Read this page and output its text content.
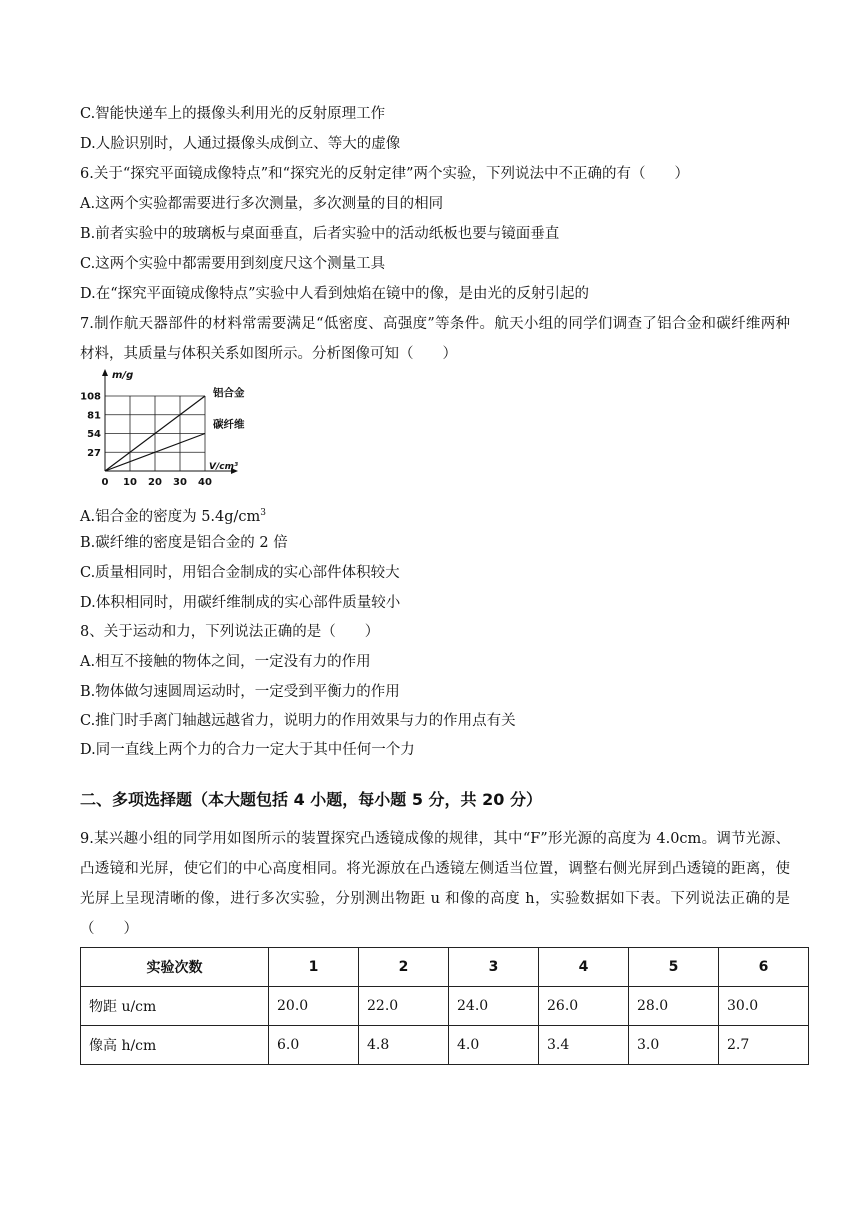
C.智能快递车上的摄像头利用光的反射原理工作
D.人脸识别时，人通过摄像头成倒立、等大的虚像
6.关于“探究平面镜成像特点”和“探究光的反射定律”两个实验，下列说法中不正确的有（　　）
A.这两个实验都需要进行多次测量，多次测量的目的相同
B.前者实验中的玻璃板与桌面垂直，后者实验中的活动纸板也要与镜面垂直
C.这两个实验中都需要用到刻度尺这个测量工具
D.在“探究平面镜成像特点”实验中人看到烛焰在镜中的像，是由光的反射引起的
7.制作航天器部件的材料常需要满足“低密度、高强度”等条件。航天小组的同学们调查了铝合金和碳纤维两种材料，其质量与体积关系如图所示。分析图像可知（　　）
27
54
81
108
0 10 20 30 40
m/g
V/cm³
铝合金
碳纤维
A.铝合金的密度为 $5.4g/cm^3$
B.碳纤维的密度是铝合金的 2 倍
C.质量相同时，用铝合金制成的实心部件体积较大
D.体积相同时，用碳纤维制成的实心部件质量较小
8、关于运动和力，下列说法正确的是（　　）
A.相互不接触的物体之间，一定没有力的作用
B.物体做匀速圆周运动时，一定受到平衡力的作用
C.推门时手离门轴越远越省力，说明力的作用效果与力的作用点有关
D.同一直线上两个力的合力一定大于其中任何一个力
二、多项选择题（本大题包括 4 小题，每小题 5 分，共 20 分）
9.某兴趣小组的同学用如图所示的装置探究凸透镜成像的规律，其中“F”形光源的高度为 4.0cm。调节光源、凸透镜和光屏，使它们的中心高度相同。将光源放在凸透镜左侧适当位置，调整右侧光屏到凸透镜的距离，使光屏上呈现清晰的像，进行多次实验，分别测出物距 u 和像的高度 h，实验数据如下表。下列说法正确的是（　　）
实验次数	1	2	3	4	5	6
物距 u/cm	20.0	22.0	24.0	26.0	28.0	30.0
像高 h/cm	6.0	4.8	4.0	3.4	3.0	2.7
